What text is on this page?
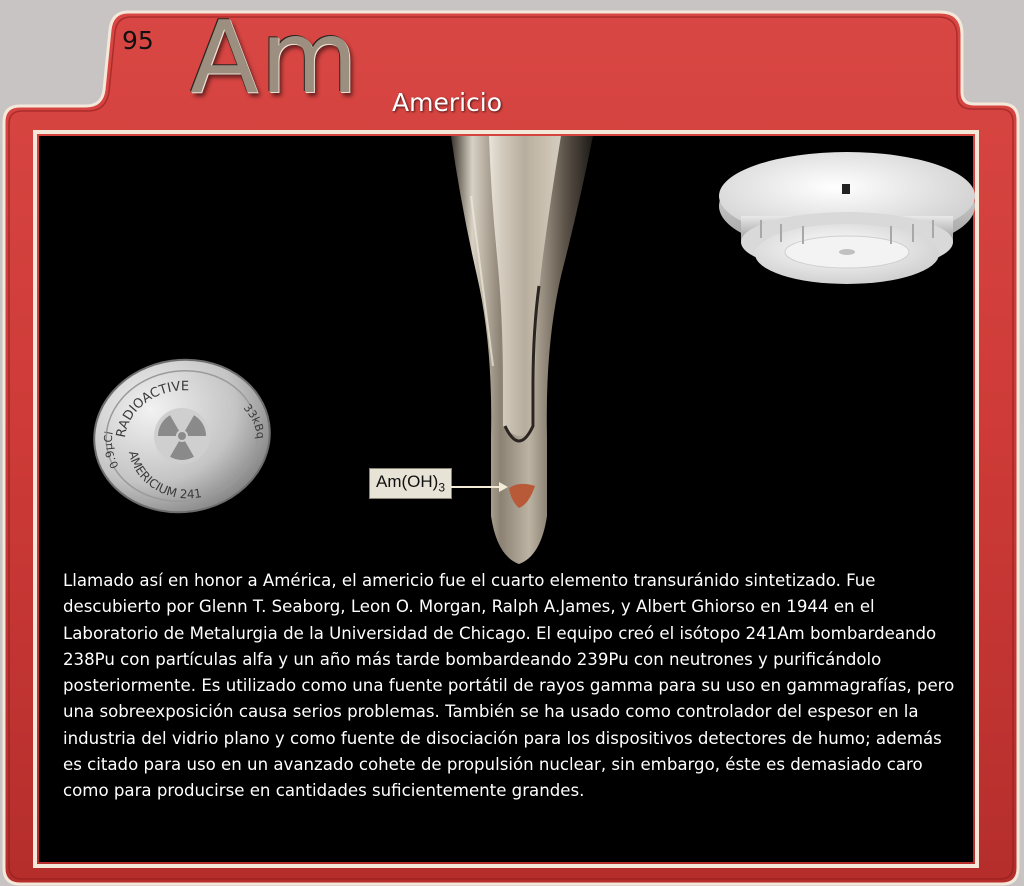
95 Am Americio
$Am(OH)_3$
RADIOACTIVE
AMERICIUM 241
0.9µCi
33kBq

Llamado así en honor a América, el americio fue el cuarto elemento transuránido sintetizado. Fue descubierto por Glenn T. Seaborg, Leon O. Morgan, Ralph A.James, y Albert Ghiorso en 1944 en el Laboratorio de Metalurgia de la Universidad de Chicago. El equipo creó el isótopo 241Am bombardeando 238Pu con partículas alfa y un año más tarde bombardeando 239Pu con neutrones y purificándolo posteriormente. Es utilizado como una fuente portátil de rayos gamma para su uso en gammagrafías, pero una sobreexposición causa serios problemas. También se ha usado como controlador del espesor en la industria del vidrio plano y como fuente de disociación para los dispositivos detectores de humo; además es citado para uso en un avanzado cohete de propulsión nuclear, sin embargo, éste es demasiado caro como para producirse en cantidades suficientemente grandes.
